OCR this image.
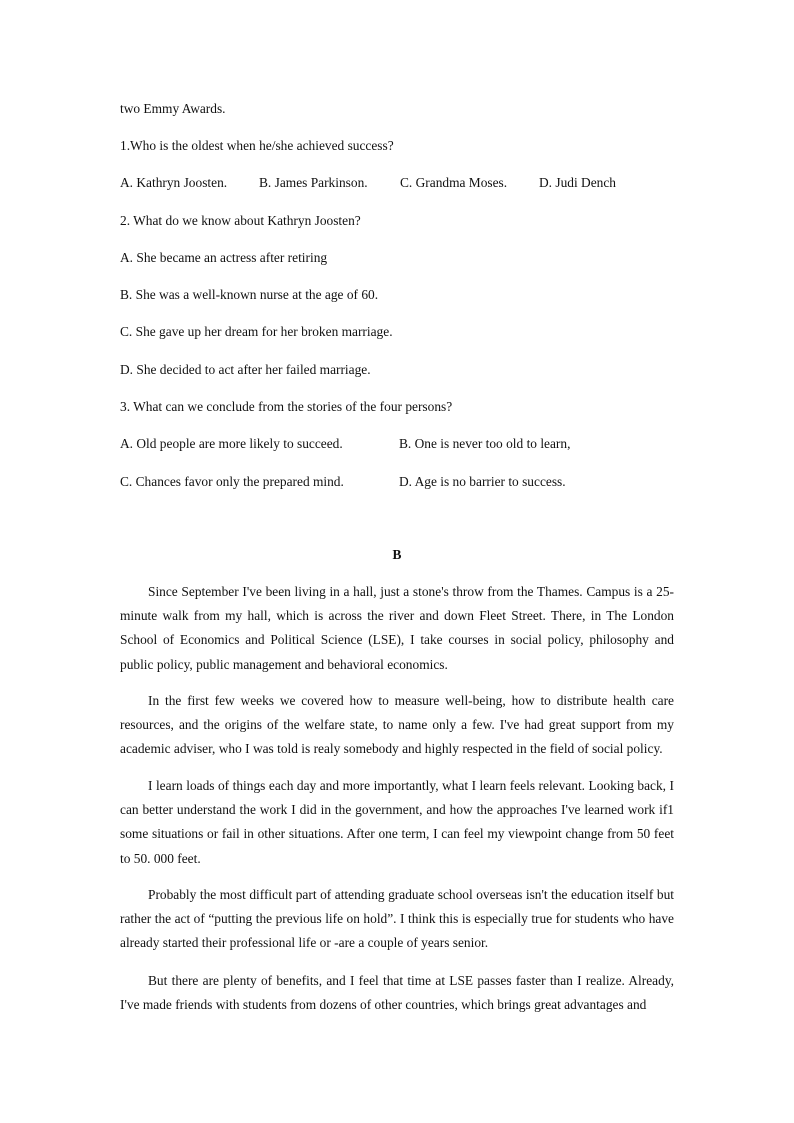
two Emmy Awards.
1.Who is the oldest when he/she achieved success?
A. Kathryn Joosten. B. James Parkinson. C. Grandma Moses. D. Judi Dench
2. What do we know about Kathryn Joosten?
A. She became an actress after retiring
B. She was a well-known nurse at the age of 60.
C. She gave up her dream for her broken marriage.
D. She decided to act after her failed marriage.
3. What can we conclude from the stories of the four persons?
A. Old people are more likely to succeed.	B. One is never too old to learn,
C. Chances favor only the prepared mind.	D. Age is no barrier to success.
B

Since September I've been living in a hall, just a stone's throw from the Thames. Campus is a 25-minute walk from my hall, which is across the river and down Fleet Street. There, in The London School of Economics and Political Science (LSE), I take courses in social policy, philosophy and public policy, public management and behavioral economics.

In the first few weeks we covered how to measure well-being, how to distribute health care resources, and the origins of the welfare state, to name only a few. I've had great support from my academic adviser, who I was told is realy somebody and highly respected in the field of social policy.

I learn loads of things each day and more importantly, what I learn feels relevant. Looking back, I can better understand the work I did in the government, and how the approaches I've learned work if1 some situations or fail in other situations. After one term, I can feel my viewpoint change from 50 feet to 50. 000 feet.

Probably the most difficult part of attending graduate school overseas isn't the education itself but rather the act of “putting the previous life on hold”. I think this is especially true for students who have already started their professional life or -are a couple of years senior.

But there are plenty of benefits, and I feel that time at LSE passes faster than I realize. Already, I've made friends with students from dozens of other countries, which brings great advantages and
